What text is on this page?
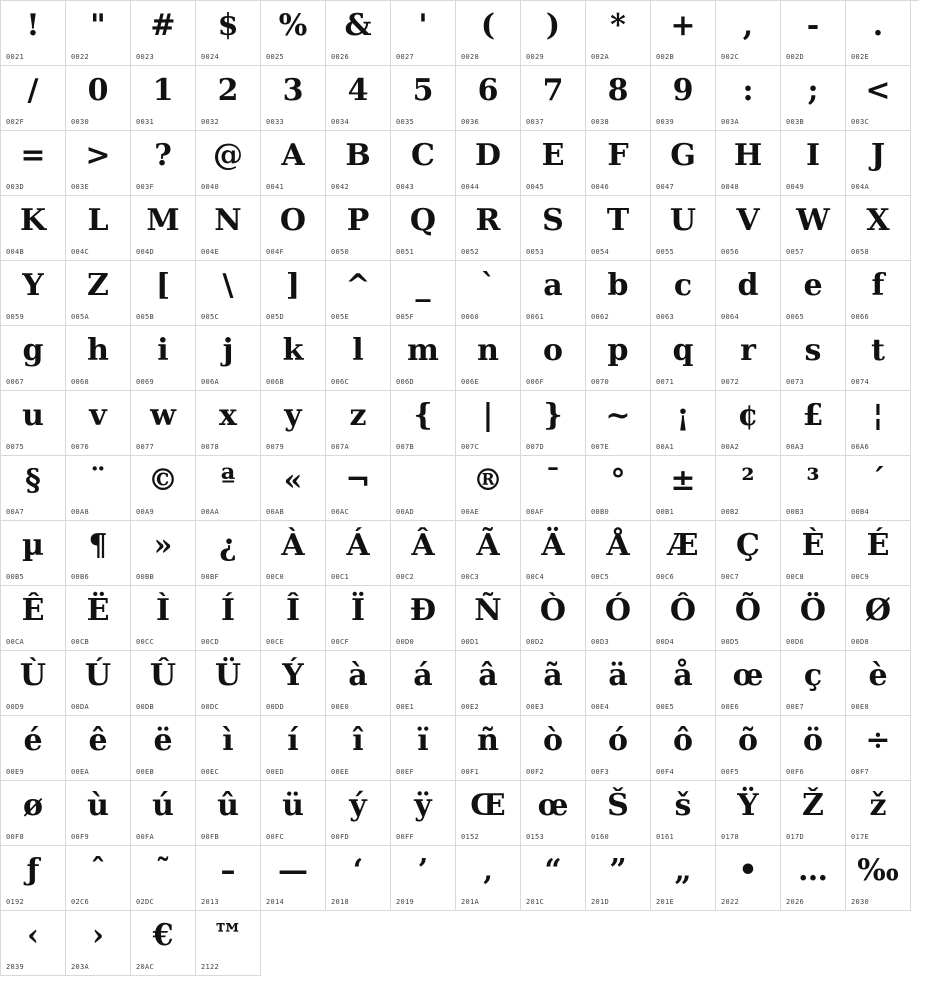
!
0021
"
0022
#
0023
$
0024
%
0025
&
0026
'
0027
(
0028
)
0029
*
002A
+
002B
,
002C
-
002D
.
002E
/
002F
0
0030
1
0031
2
0032
3
0033
4
0034
5
0035
6
0036
7
0037
8
0038
9
0039
:
003A
;
003B
<
003C
=
003D
>
003E
?
003F
@
0040
A
0041
B
0042
C
0043
D
0044
E
0045
F
0046
G
0047
H
0048
I
0049
J
004A
K
004B
L
004C
M
004D
N
004E
O
004F
P
0050
Q
0051
R
0052
S
0053
T
0054
U
0055
V
0056
W
0057
X
0058
Y
0059
Z
005A
[
005B
\
005C
]
005D
^
005E
_
005F
`
0060
a
0061
b
0062
c
0063
d
0064
e
0065
f
0066
g
0067
h
0068
i
0069
j
006A
k
006B
l
006C
m
006D
n
006E
o
006F
p
0070
q
0071
r
0072
s
0073
t
0074
u
0075
v
0076
w
0077
x
0078
y
0079
z
007A
{
007B
|
007C
}
007D
~
007E
¡
00A1
¢
00A2
£
00A3
¦
00A6
§
00A7
¨
00A8
©
00A9
ª
00AA
«
00AB
¬
00AC	00AD
®
00AE
¯
00AF
°
00B0
±
00B1
²
00B2
³
00B3
´
00B4
µ
00B5
¶
00B6
»
00BB
¿
00BF
À
00C0
Á
00C1
Â
00C2
Ã
00C3
Ä
00C4
Å
00C5
Æ
00C6
Ç
00C7
È
00C8
É
00C9
Ê
00CA
Ë
00CB
Ì
00CC
Í
00CD
Î
00CE
Ï
00CF
Ð
00D0
Ñ
00D1
Ò
00D2
Ó
00D3
Ô
00D4
Õ
00D5
Ö
00D6
Ø
00D8
Ù
00D9
Ú
00DA
Û
00DB
Ü
00DC
Ý
00DD
à
00E0
á
00E1
â
00E2
ã
00E3
ä
00E4
å
00E5
œ
00E6
ç
00E7
è
00E8
é
00E9
ê
00EA
ë
00EB
ì
00EC
í
00ED
î
00EE
ï
00EF
ñ
00F1
ò
00F2
ó
00F3
ô
00F4
õ
00F5
ö
00F6
÷
00F7
ø
00F8
ù
00F9
ú
00FA
û
00FB
ü
00FC
ý
00FD
ÿ
00FF
Œ
0152
œ
0153
Š
0160
š
0161
Ÿ
0178
Ž
017D
ž
017E
ƒ
0192
ˆ
02C6
˜
02DC
–
2013
—
2014
‘
2018
’
2019
‚
201A
“
201C
”
201D
„
201E
•
2022
…
2026
‰
2030
‹
2039
›
203A
€
20AC
™
2122
